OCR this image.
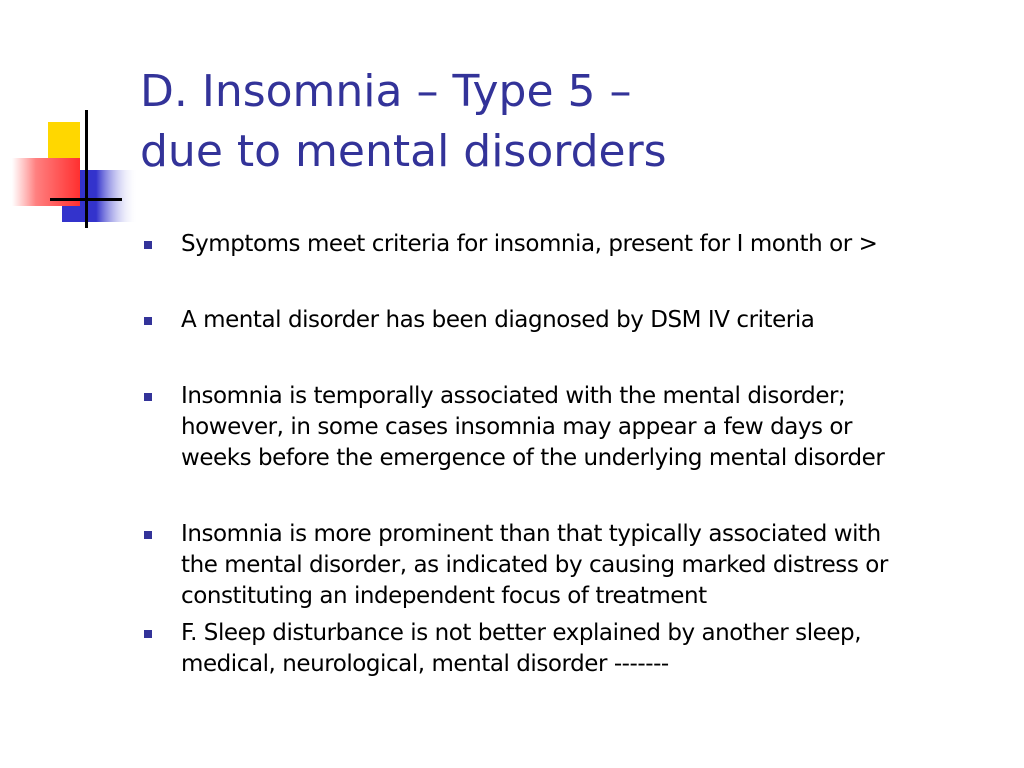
D. Insomnia – Type 5 –
due to mental disorders
Symptoms meet criteria for insomnia, present for I month or >
A mental disorder has been diagnosed by DSM IV criteria
Insomnia is temporally associated with the mental disorder;
however, in some cases insomnia may appear a few days or
weeks before the emergence of the underlying mental disorder
Insomnia is more prominent than that typically associated with
the mental disorder, as indicated by causing marked distress or
constituting an independent focus of treatment
F. Sleep disturbance is not better explained by another sleep,
medical, neurological, mental disorder -------
